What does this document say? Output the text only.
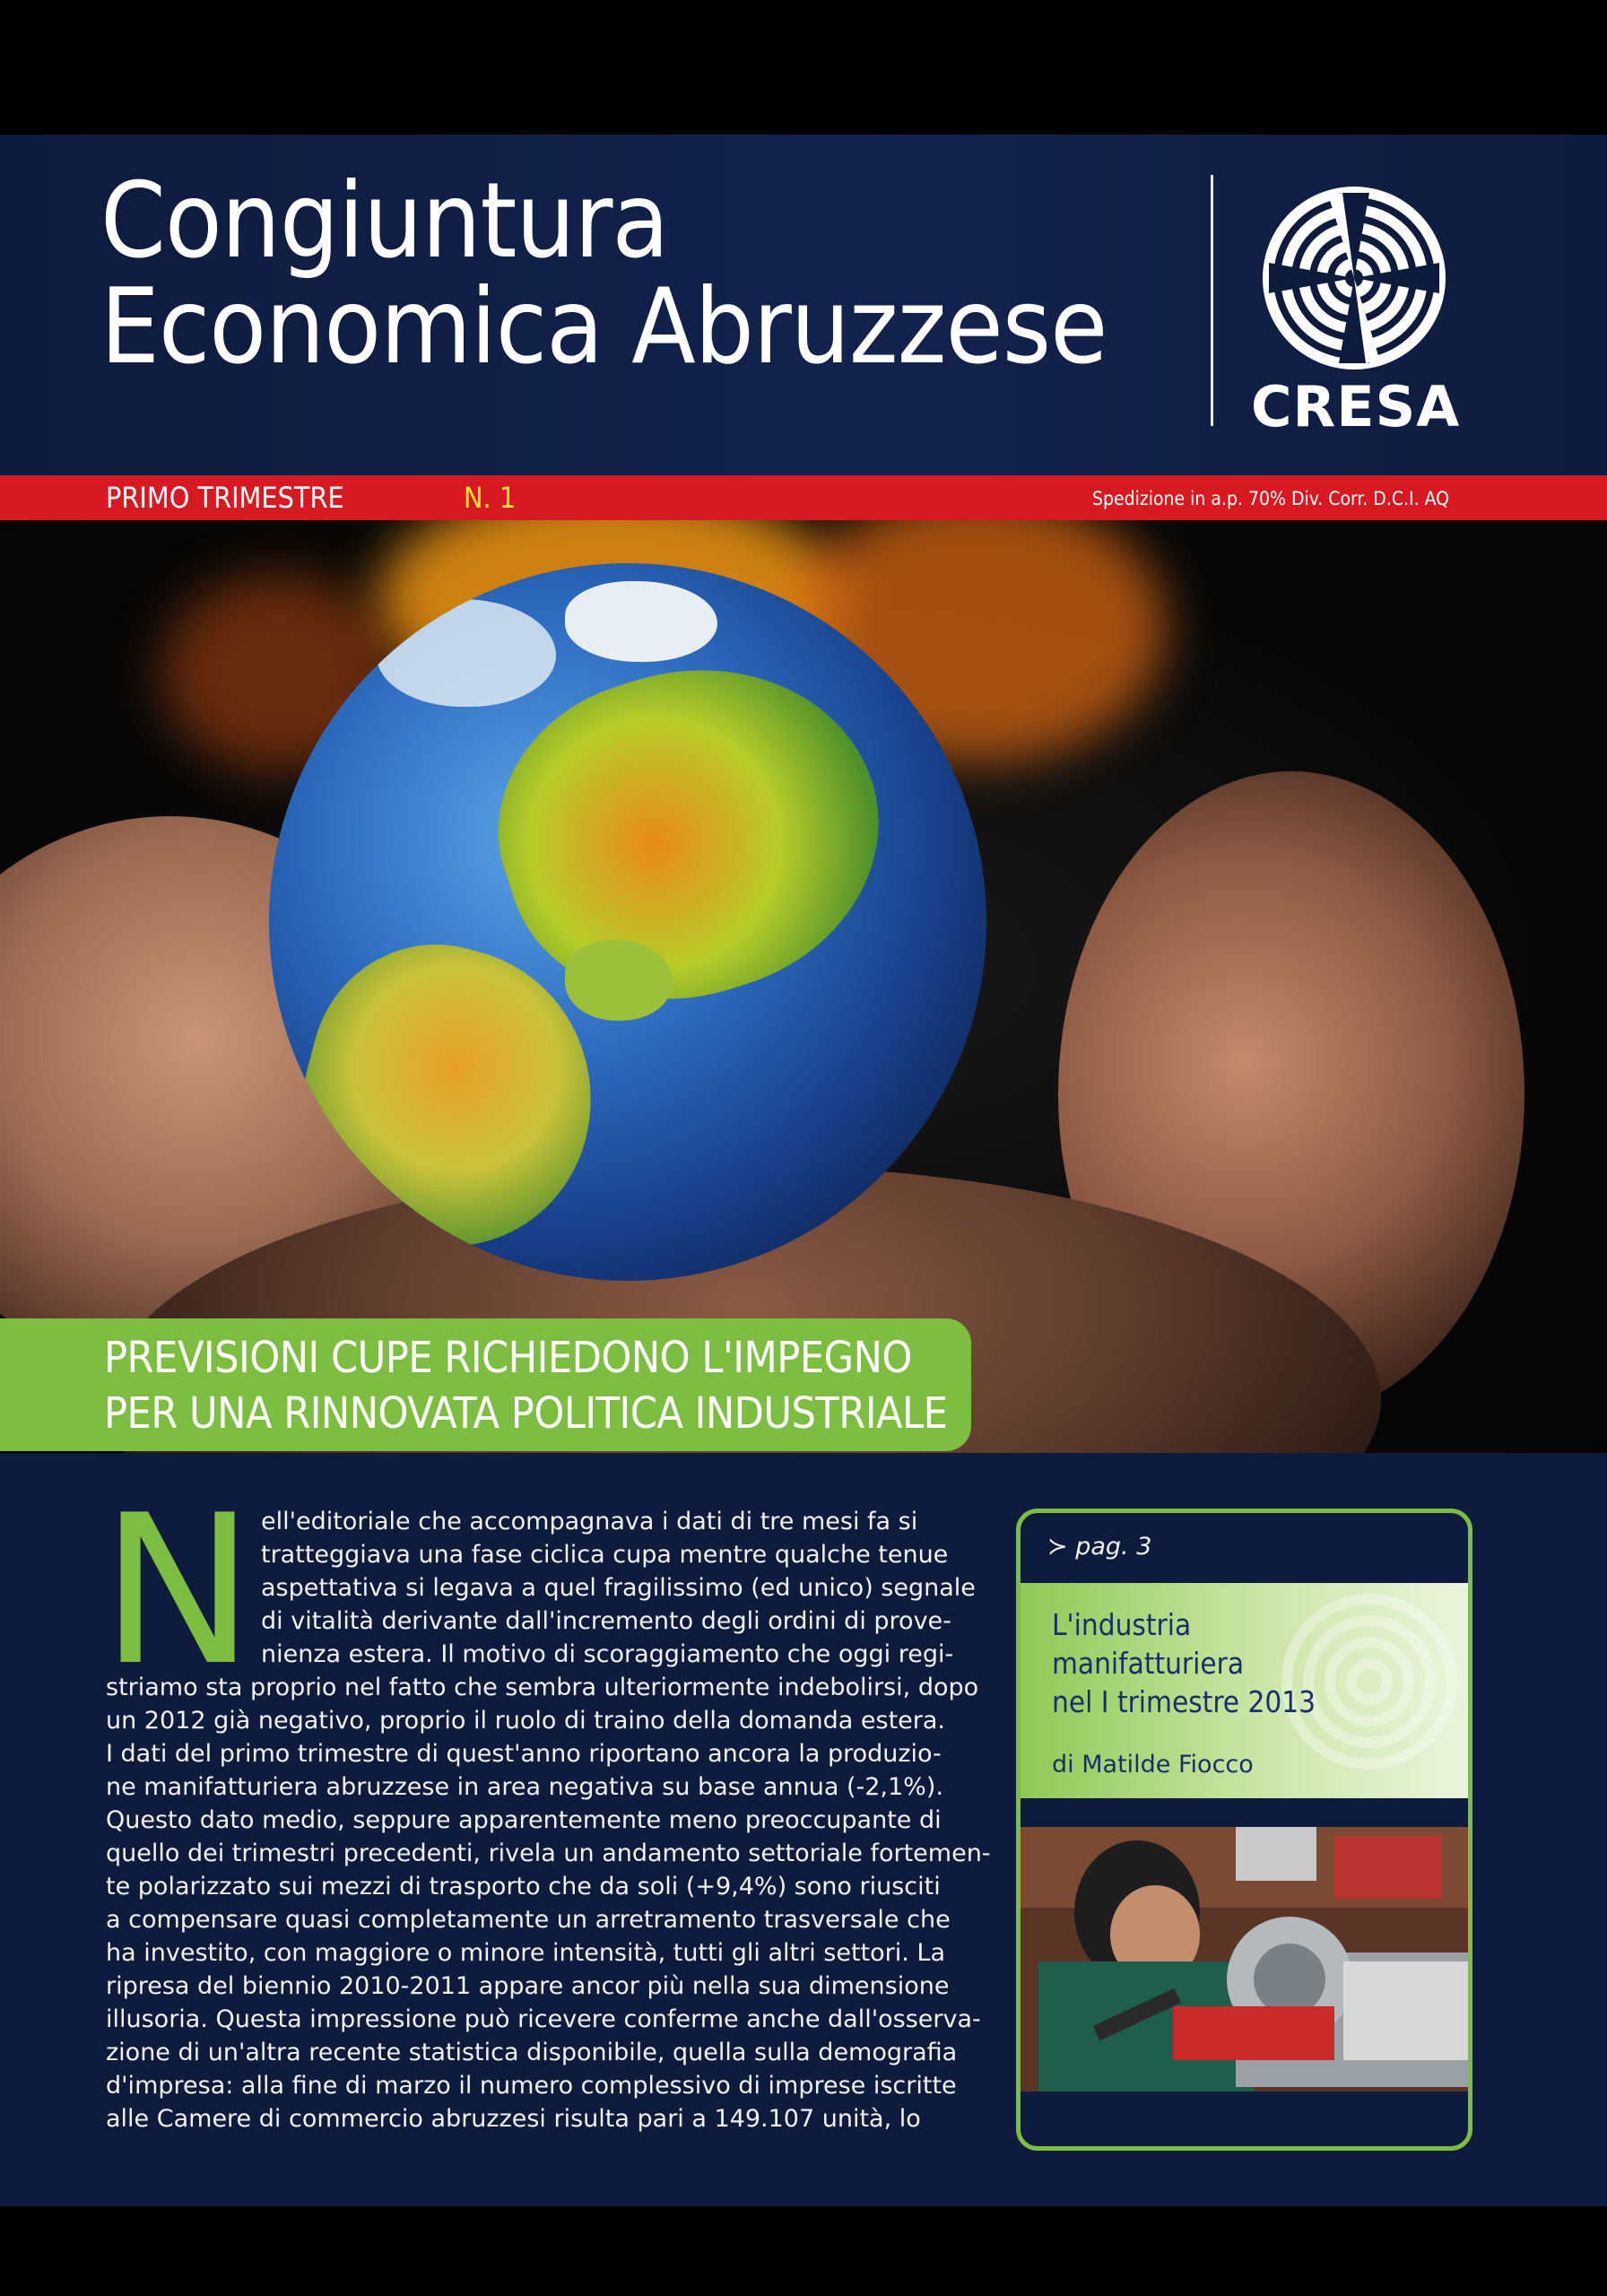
Congiuntura
Economica Abruzzese
CRESA
PRIMO TRIMESTRE	N. 1	Spedizione in a.p. 70% Div. Corr. D.C.I. AQ
PREVISIONI CUPE RICHIEDONO L'IMPEGNO
PER UNA RINNOVATA POLITICA INDUSTRIALE
N ell'editoriale che accompagnava i dati di tre mesi fa si
tratteggiava una fase ciclica cupa mentre qualche tenue
aspettativa si legava a quel fragilissimo (ed unico) segnale
di vitalità derivante dall'incremento degli ordini di prove-
nienza estera. Il motivo di scoraggiamento che oggi regi-
striamo sta proprio nel fatto che sembra ulteriormente indebolirsi, dopo
un 2012 già negativo, proprio il ruolo di traino della domanda estera.
I dati del primo trimestre di quest'anno riportano ancora la produzio-
ne manifatturiera abruzzese in area negativa su base annua (-2,1%).
Questo dato medio, seppure apparentemente meno preoccupante di
quello dei trimestri precedenti, rivela un andamento settoriale fortemen-
te polarizzato sui mezzi di trasporto che da soli (+9,4%) sono riusciti
a compensare quasi completamente un arretramento trasversale che
ha investito, con maggiore o minore intensità, tutti gli altri settori. La
ripresa del biennio 2010-2011 appare ancor più nella sua dimensione
illusoria. Questa impressione può ricevere conferme anche dall'osserva-
zione di un'altra recente statistica disponibile, quella sulla demografia
d'impresa: alla fine di marzo il numero complessivo di imprese iscritte
alle Camere di commercio abruzzesi risulta pari a 149.107 unità, lo
≻ pag. 3
L'industria
manifatturiera
nel I trimestre 2013
di Matilde Fiocco
